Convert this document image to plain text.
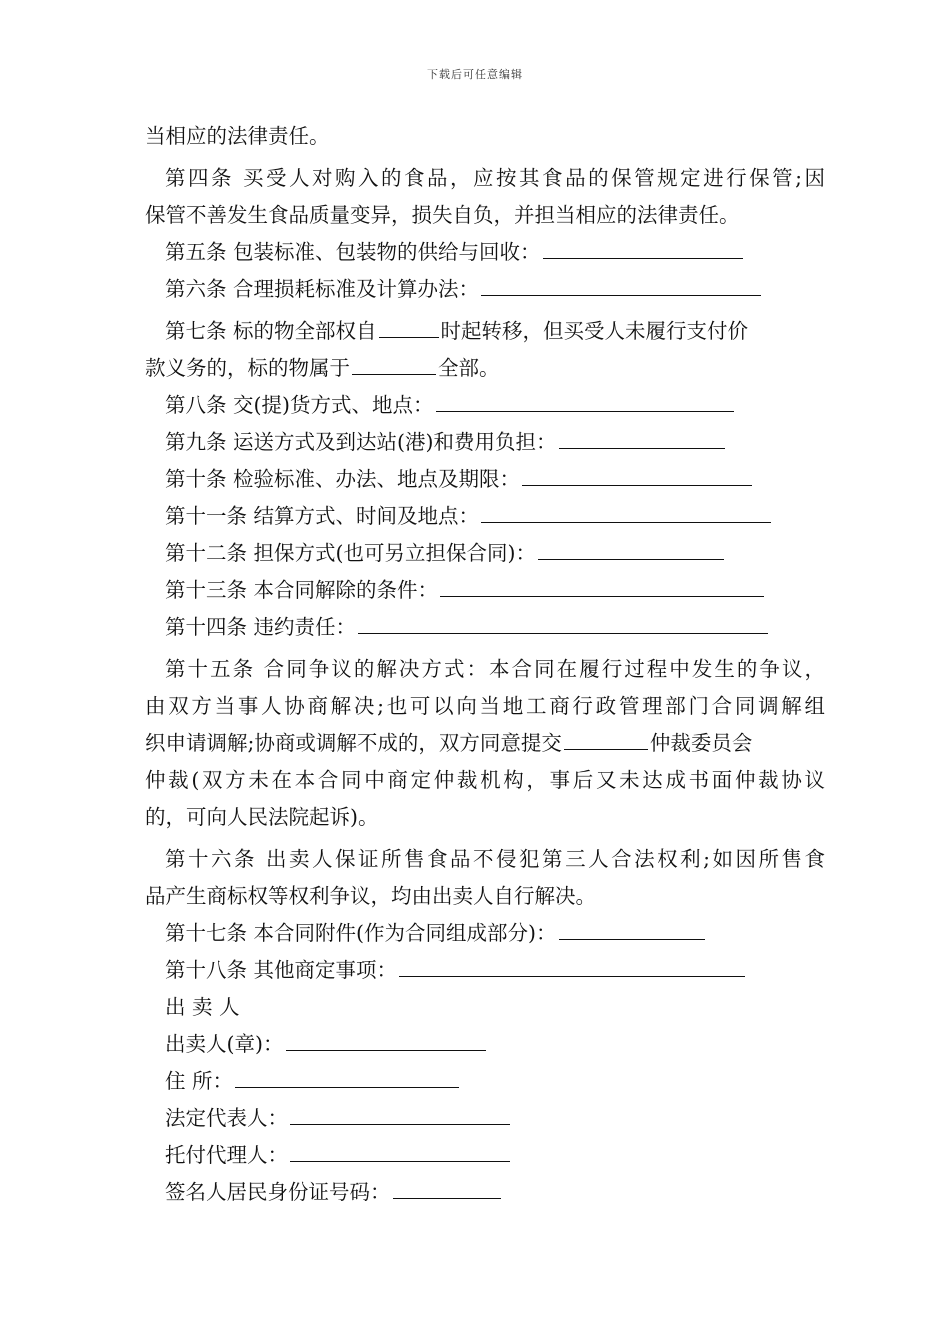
下载后可任意编辑
当相应的法律责任。
第四条 买受人对购入的食品，应按其食品的保管规定进行保管;因
保管不善发生食品质量变异，损失自负，并担当相应的法律责任。
第五条 包装标准、包装物的供给与回收：
第六条 合理损耗标准及计算办法：
第七条 标的物全部权自	时起转移，但买受人未履行支付价
款义务的，标的物属于	全部。
第八条 交(提)货方式、地点：
第九条 运送方式及到达站(港)和费用负担：
第十条 检验标准、办法、地点及期限：
第十一条 结算方式、时间及地点：
第十二条 担保方式(也可另立担保合同)：
第十三条 本合同解除的条件：
第十四条 违约责任：
第十五条 合同争议的解决方式：本合同在履行过程中发生的争议，
由双方当事人协商解决;也可以向当地工商行政管理部门合同调解组
织申请调解;协商或调解不成的，双方同意提交	仲裁委员会
仲裁(双方未在本合同中商定仲裁机构，事后又未达成书面仲裁协议
的，可向人民法院起诉)。
第十六条 出卖人保证所售食品不侵犯第三人合法权利;如因所售食
品产生商标权等权利争议，均由出卖人自行解决。
第十七条 本合同附件(作为合同组成部分)：
第十八条 其他商定事项：
出 卖 人
出卖人(章)：
住 所：
法定代表人：
托付代理人：
签名人居民身份证号码：
